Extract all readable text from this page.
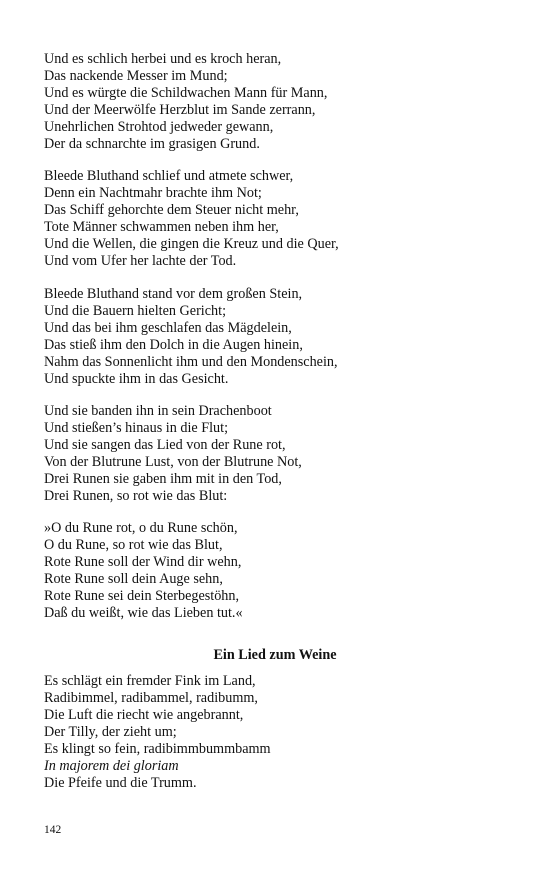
Und es schlich herbei und es kroch heran,
Das nackende Messer im Mund;
Und es würgte die Schildwachen Mann für Mann,
Und der Meerwölfe Herzblut im Sande zerrann,
Unehrlichen Strohtod jedweder gewann,
Der da schnarchte im grasigen Grund.
Bleede Bluthand schlief und atmete schwer,
Denn ein Nachtmahr brachte ihm Not;
Das Schiff gehorchte dem Steuer nicht mehr,
Tote Männer schwammen neben ihm her,
Und die Wellen, die gingen die Kreuz und die Quer,
Und vom Ufer her lachte der Tod.
Bleede Bluthand stand vor dem großen Stein,
Und die Bauern hielten Gericht;
Und das bei ihm geschlafen das Mägdelein,
Das stieß ihm den Dolch in die Augen hinein,
Nahm das Sonnenlicht ihm und den Mondenschein,
Und spuckte ihm in das Gesicht.
Und sie banden ihn in sein Drachenboot
Und stießen’s hinaus in die Flut;
Und sie sangen das Lied von der Rune rot,
Von der Blutrune Lust, von der Blutrune Not,
Drei Runen sie gaben ihm mit in den Tod,
Drei Runen, so rot wie das Blut:
»O du Rune rot, o du Rune schön,
O du Rune, so rot wie das Blut,
Rote Rune soll der Wind dir wehn,
Rote Rune soll dein Auge sehn,
Rote Rune sei dein Sterbegestöhn,
Daß du weißt, wie das Lieben tut.«
Ein Lied zum Weine
Es schlägt ein fremder Fink im Land,
Radibimmel, radibammel, radibumm,
Die Luft die riecht wie angebrannt,
Der Tilly, der zieht um;
Es klingt so fein, radibimmbummbamm
In majorem dei gloriam
Die Pfeife und die Trumm.
142
